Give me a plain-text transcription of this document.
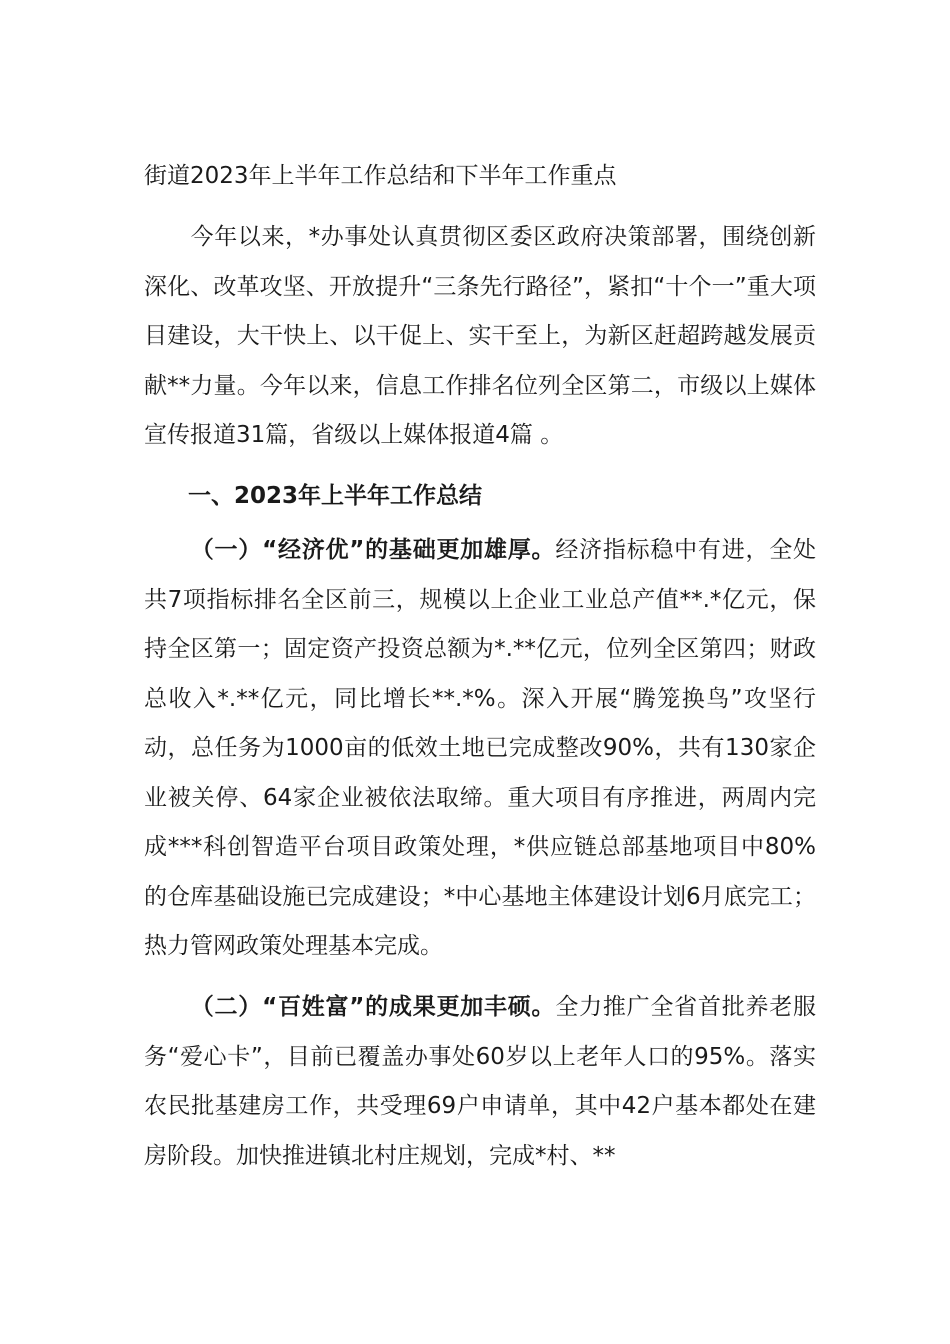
街道2023年上半年工作总结和下半年工作重点
今年以来，*办事处认真贯彻区委区政府决策部署，围绕创新深化、改革攻坚、开放提升“三条先行路径”，紧扣“十个一”重大项目建设，大干快上、以干促上、实干至上，为新区赶超跨越发展贡献**力量。今年以来，信息工作排名位列全区第二，市级以上媒体宣传报道31篇，省级以上媒体报道4篇 。
一、2023年上半年工作总结
（一）“经济优”的基础更加雄厚。经济指标稳中有进，全处共7项指标排名全区前三，规模以上企业工业总产值**.*亿元，保持全区第一；固定资产投资总额为*.**亿元，位列全区第四；财政总收入*.**亿元，同比增长**.*%。深入开展“腾笼换鸟”攻坚行动，总任务为1000亩的低效土地已完成整改90%，共有130家企业被关停、64家企业被依法取缔。重大项目有序推进，两周内完成***科创智造平台项目政策处理，*供应链总部基地项目中80%的仓库基础设施已完成建设；*中心基地主体建设计划6月底完工；热力管网政策处理基本完成。
（二）“百姓富”的成果更加丰硕。全力推广全省首批养老服务“爱心卡”，目前已覆盖办事处60岁以上老年人口的95%。落实农民批基建房工作，共受理69户申请单，其中42户基本都处在建房阶段。加快推进镇北村庄规划，完成*村、**
